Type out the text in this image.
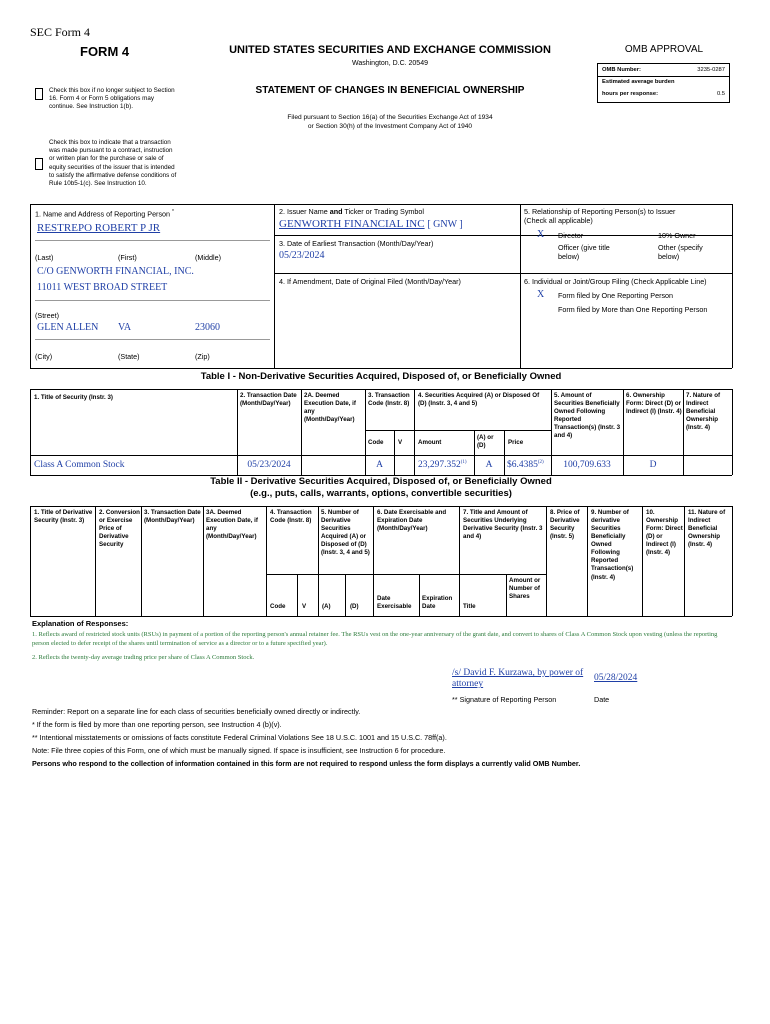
SEC Form 4
FORM 4	UNITED STATES SECURITIES AND EXCHANGE COMMISSION
Washington, D.C. 20549
STATEMENT OF CHANGES IN BENEFICIAL OWNERSHIP
Filed pursuant to Section 16(a) of the Securities Exchange Act of 1934
or Section 30(h) of the Investment Company Act of 1940
OMB APPROVAL
OMB Number:	3235-0287
Estimated average burden
hours per response:	0.5
Check this box if no longer subject to Section 16. Form 4 or Form 5 obligations may continue. See Instruction 1(b).
Check this box to indicate that a transaction was made pursuant to a contract, instruction or written plan for the purchase or sale of equity securities of the issuer that is intended to satisfy the affirmative defense conditions of Rule 10b5-1(c). See Instruction 10.
1. Name and Address of Reporting Person *
RESTREPO ROBERT P JR
(Last)	(First)	(Middle)
C/O GENWORTH FINANCIAL, INC.
11011 WEST BROAD STREET
(Street)
GLEN ALLEN VA	23060
(City)	(State)	(Zip)
2. Issuer Name and Ticker or Trading Symbol
GENWORTH FINANCIAL INC [ GNW ]
3. Date of Earliest Transaction (Month/Day/Year)
05/23/2024
4. If Amendment, Date of Original Filed (Month/Day/Year)
5. Relationship of Reporting Person(s) to Issuer
(Check all applicable)
X Director	10% Owner
Officer (give title below)
Other (specify below)
6. Individual or Joint/Group Filing (Check Applicable Line)
X Form filed by One Reporting Person
Form filed by More than One Reporting Person
Table I - Non-Derivative Securities Acquired, Disposed of, or Beneficially Owned
1. Title of Security (Instr. 3)	2. Transaction Date (Month/Day/Year)
2A. Deemed Execution Date, if any (Month/Day/Year)
3. Transaction Code (Instr. 8)
4. Securities Acquired (A) or Disposed Of (D) (Instr. 3, 4 and 5)
5. Amount of Securities Beneficially Owned Following Reported Transaction(s) (Instr. 3 and 4)
6. Ownership Form: Direct (D) or Indirect (I) (Instr. 4)
7. Nature of Indirect Beneficial Ownership (Instr. 4)
Code V	Amount
(A) or (D)	Price
Class A Common Stock	05/23/2024	A	23,297.352$^{(1)}$	A	$6.4385$^{(2)}$	100,709.633	D
Table II - Derivative Securities Acquired, Disposed of, or Beneficially Owned
(e.g., puts, calls, warrants, options, convertible securities)
1. Title of Derivative Security (Instr. 3)
2. Conversion or Exercise Price of Derivative Security
3. Transaction Date (Month/Day/Year)
3A. Deemed Execution Date, if any (Month/Day/Year)
4. Transaction Code (Instr. 8)
5. Number of Derivative Securities Acquired (A) or Disposed of (D) (Instr. 3, 4 and 5)
6. Date Exercisable and Expiration Date (Month/Day/Year)
7. Title and Amount of Securities Underlying Derivative Security (Instr. 3 and 4)
8. Price of Derivative Security (Instr. 5)
9. Number of derivative Securities Beneficially Owned Following Reported Transaction(s) (Instr. 4)
10. Ownership Form: Direct (D) or Indirect (I) (Instr. 4)
11. Nature of Indirect Beneficial Ownership (Instr. 4)
Code	V	(A)	(D)
Date Exercisable
Expiration Date	Title
Amount or Number of Shares
Explanation of Responses:
1. Reflects award of restricted stock units (RSUs) in payment of a portion of the reporting person's annual retainer fee. The RSUs vest on the one-year anniversary of the grant date, and convert to shares of Class A Common Stock upon vesting (unless the reporting person elected to defer receipt of the shares until termination of service as a director or to a future specified year).
2. Reflects the twenty-day average trading price per share of Class A Common Stock.
/s/ David F. Kurzawa, by power of attorney
05/28/2024
** Signature of Reporting Person	Date
Reminder: Report on a separate line for each class of securities beneficially owned directly or indirectly.
* If the form is filed by more than one reporting person, see Instruction 4 (b)(v).
** Intentional misstatements or omissions of facts constitute Federal Criminal Violations See 18 U.S.C. 1001 and 15 U.S.C. 78ff(a).
Note: File three copies of this Form, one of which must be manually signed. If space is insufficient, see Instruction 6 for procedure.
Persons who respond to the collection of information contained in this form are not required to respond unless the form displays a currently valid OMB Number.
